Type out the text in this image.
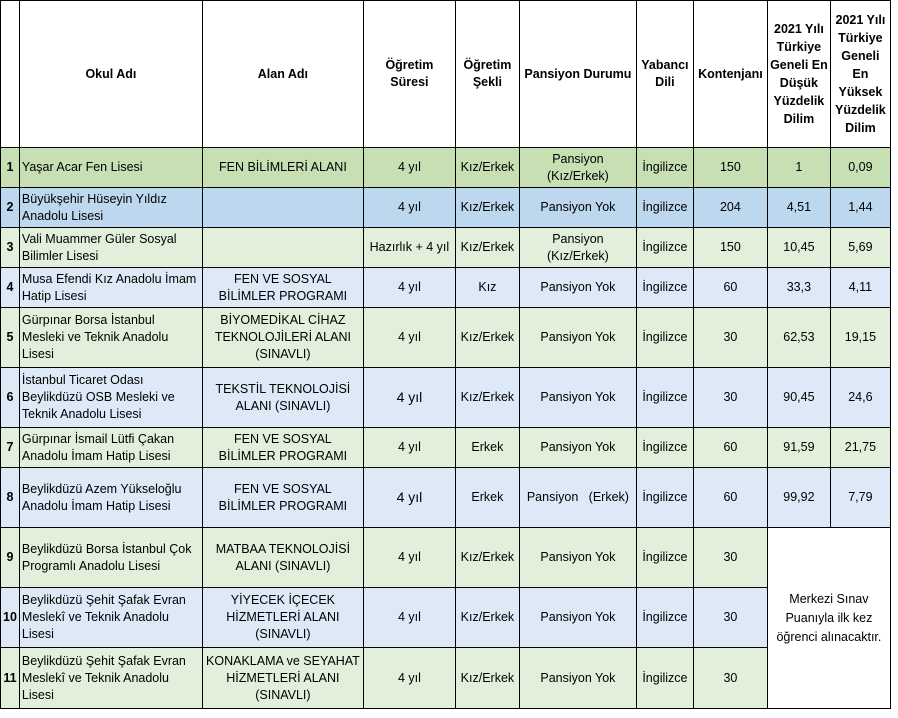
	Okul Adı	Alan Adı	Öğretim Süresi	Öğretim Şekli	Pansiyon Durumu	Yabancı Dili	Kontenjanı	2021 Yılı Türkiye Geneli En Düşük Yüzdelik Dilim	2021 Yılı Türkiye Geneli En Yüksek Yüzdelik Dilim
1	Yaşar Acar Fen Lisesi	FEN BİLİMLERİ ALANI	4 yıl	Kız/Erkek	Pansiyon (Kız/Erkek)	İngilizce	150	1	0,09
2	Büyükşehir Hüseyin Yıldız Anadolu Lisesi		4 yıl	Kız/Erkek	Pansiyon Yok	İngilizce	204	4,51	1,44
3	Vali Muammer Güler Sosyal Bilimler Lisesi		Hazırlık + 4 yıl	Kız/Erkek	Pansiyon (Kız/Erkek)	İngilizce	150	10,45	5,69
4	Musa Efendi Kız Anadolu İmam Hatip Lisesi	FEN VE SOSYAL BİLİMLER PROGRAMI	4 yıl	Kız	Pansiyon Yok	İngilizce	60	33,3	4,11
5	Gürpınar Borsa İstanbul Mesleki ve Teknik Anadolu Lisesi	BİYOMEDİKAL CİHAZ TEKNOLOJİLERİ ALANI (SINAVLI)	4 yıl	Kız/Erkek	Pansiyon Yok	İngilizce	30	62,53	19,15
6	İstanbul Ticaret Odası Beylikdüzü OSB Mesleki ve Teknik Anadolu Lisesi	TEKSTİL TEKNOLOJİSİ ALANI (SINAVLI)	4 yıl	Kız/Erkek	Pansiyon Yok	İngilizce	30	90,45	24,6
7	Gürpınar İsmail Lütfi Çakan Anadolu İmam Hatip Lisesi	FEN VE SOSYAL BİLİMLER PROGRAMI	4 yıl	Erkek	Pansiyon Yok	İngilizce	60	91,59	21,75
8	Beylikdüzü Azem Yükseloğlu Anadolu İmam Hatip Lisesi	FEN VE SOSYAL BİLİMLER PROGRAMI	4 yıl	Erkek	Pansiyon   (Erkek)	İngilizce	60	99,92	7,79
9	Beylikdüzü Borsa İstanbul Çok Programlı Anadolu Lisesi	MATBAA TEKNOLOJİSİ ALANI (SINAVLI)	4 yıl	Kız/Erkek	Pansiyon Yok	İngilizce	30	Merkezi Sınav Puanıyla ilk kez öğrenci alınacaktır.	
10	Beylikdüzü Şehit Şafak Evran Meslekî ve Teknik Anadolu Lisesi	YİYECEK İÇECEK HİZMETLERİ ALANI (SINAVLI)	4 yıl	Kız/Erkek	Pansiyon Yok	İngilizce	30		
11	Beylikdüzü Şehit Şafak Evran Meslekî ve Teknik Anadolu Lisesi	KONAKLAMA ve SEYAHAT HİZMETLERİ ALANI (SINAVLI)	4 yıl	Kız/Erkek	Pansiyon Yok	İngilizce	30		
